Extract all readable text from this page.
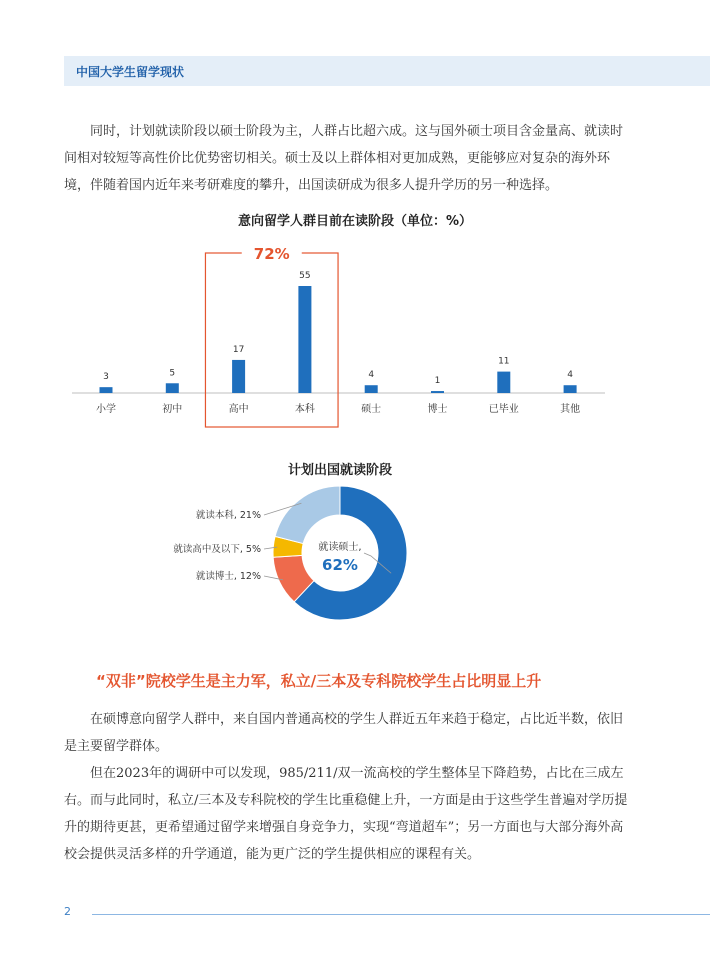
中国大学生留学现状

同时，计划就读阶段以硕士阶段为主，人群占比超六成。这与国外硕士项目含金量高、就读时间相对较短等高性价比优势密切相关。硕士及以上群体相对更加成熟，更能够应对复杂的海外环境，伴随着国内近年来考研难度的攀升，出国读研成为很多人提升学历的另一种选择。

意向留学人群目前在读阶段（单位：%）
72%
3
小学
5
初中
17
高中
55
本科
4
硕士
1
博士
11
已毕业
4
其他
计划出国就读阶段
就读硕士,
62%
就读本科, 21%
就读高中及以下, 5%
就读博士, 12%
“双非”院校学生是主力军，私立/三本及专科院校学生占比明显上升

在硕博意向留学人群中，来自国内普通高校的学生人群近五年来趋于稳定，占比近半数，依旧是主要留学群体。

但在2023年的调研中可以发现，985/211/双一流高校的学生整体呈下降趋势，占比在三成左右。而与此同时，私立/三本及专科院校的学生比重稳健上升，一方面是由于这些学生普遍对学历提升的期待更甚，更希望通过留学来增强自身竞争力，实现“弯道超车”；另一方面也与大部分海外高校会提供灵活多样的升学通道，能为更广泛的学生提供相应的课程有关。

2
